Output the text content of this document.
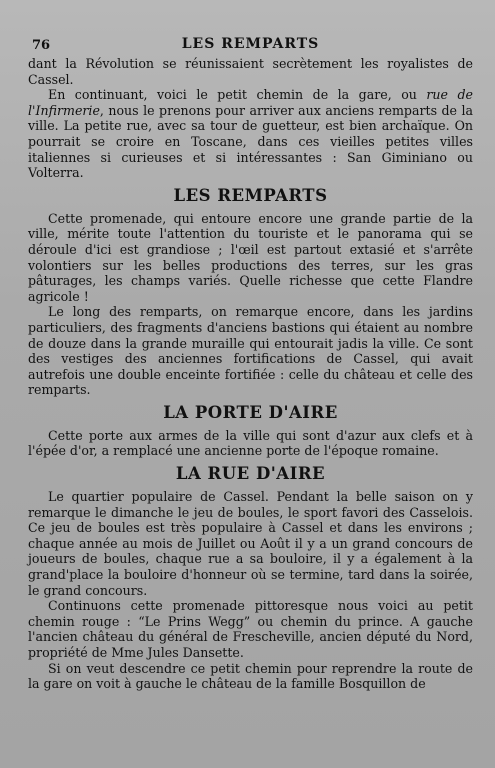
76	LES REMPARTS

dant la Révolution se réunissaient secrètement les royalistes de Cassel.

En continuant, voici le petit chemin de la gare, ou rue de l'Infirmerie, nous le prenons pour arriver aux anciens remparts de la ville. La petite rue, avec sa tour de guetteur, est bien archaïque. On pourrait se croire en Toscane, dans ces vieilles petites villes italiennes si curieuses et si intéressantes : San Giminiano ou Volterra.

LES REMPARTS

Cette promenade, qui entoure encore une grande partie de la ville, mérite toute l'attention du touriste et le panorama qui se déroule d'ici est grandiose ; l'œil est partout extasié et s'arrête volontiers sur les belles productions des terres, sur les gras pâturages, les champs variés. Quelle richesse que cette Flandre agricole !

Le long des remparts, on remarque encore, dans les jardins particuliers, des fragments d'anciens bastions qui étaient au nombre de douze dans la grande muraille qui entourait jadis la ville. Ce sont des vestiges des anciennes fortifications de Cassel, qui avait autrefois une double enceinte fortifiée : celle du château et celle des remparts.

LA PORTE D'AIRE

Cette porte aux armes de la ville qui sont d'azur aux clefs et à l'épée d'or, a remplacé une ancienne porte de l'époque romaine.

LA RUE D'AIRE

Le quartier populaire de Cassel. Pendant la belle saison on y remarque le dimanche le jeu de boules, le sport favori des Casselois. Ce jeu de boules est très populaire à Cassel et dans les environs ; chaque année au mois de Juillet ou Août il y a un grand concours de joueurs de boules, chaque rue a sa bouloire, il y a également à la grand'place la bouloire d'honneur où se termine, tard dans la soirée, le grand concours.

Continuons cette promenade pittoresque nous voici au petit chemin rouge : “Le Prins Wegg” ou chemin du prince. A gauche l'ancien château du général de Frescheville, ancien député du Nord, propriété de Mme Jules Dansette.

Si on veut descendre ce petit chemin pour reprendre la route de la gare on voit à gauche le château de la famille Bosquillon de
